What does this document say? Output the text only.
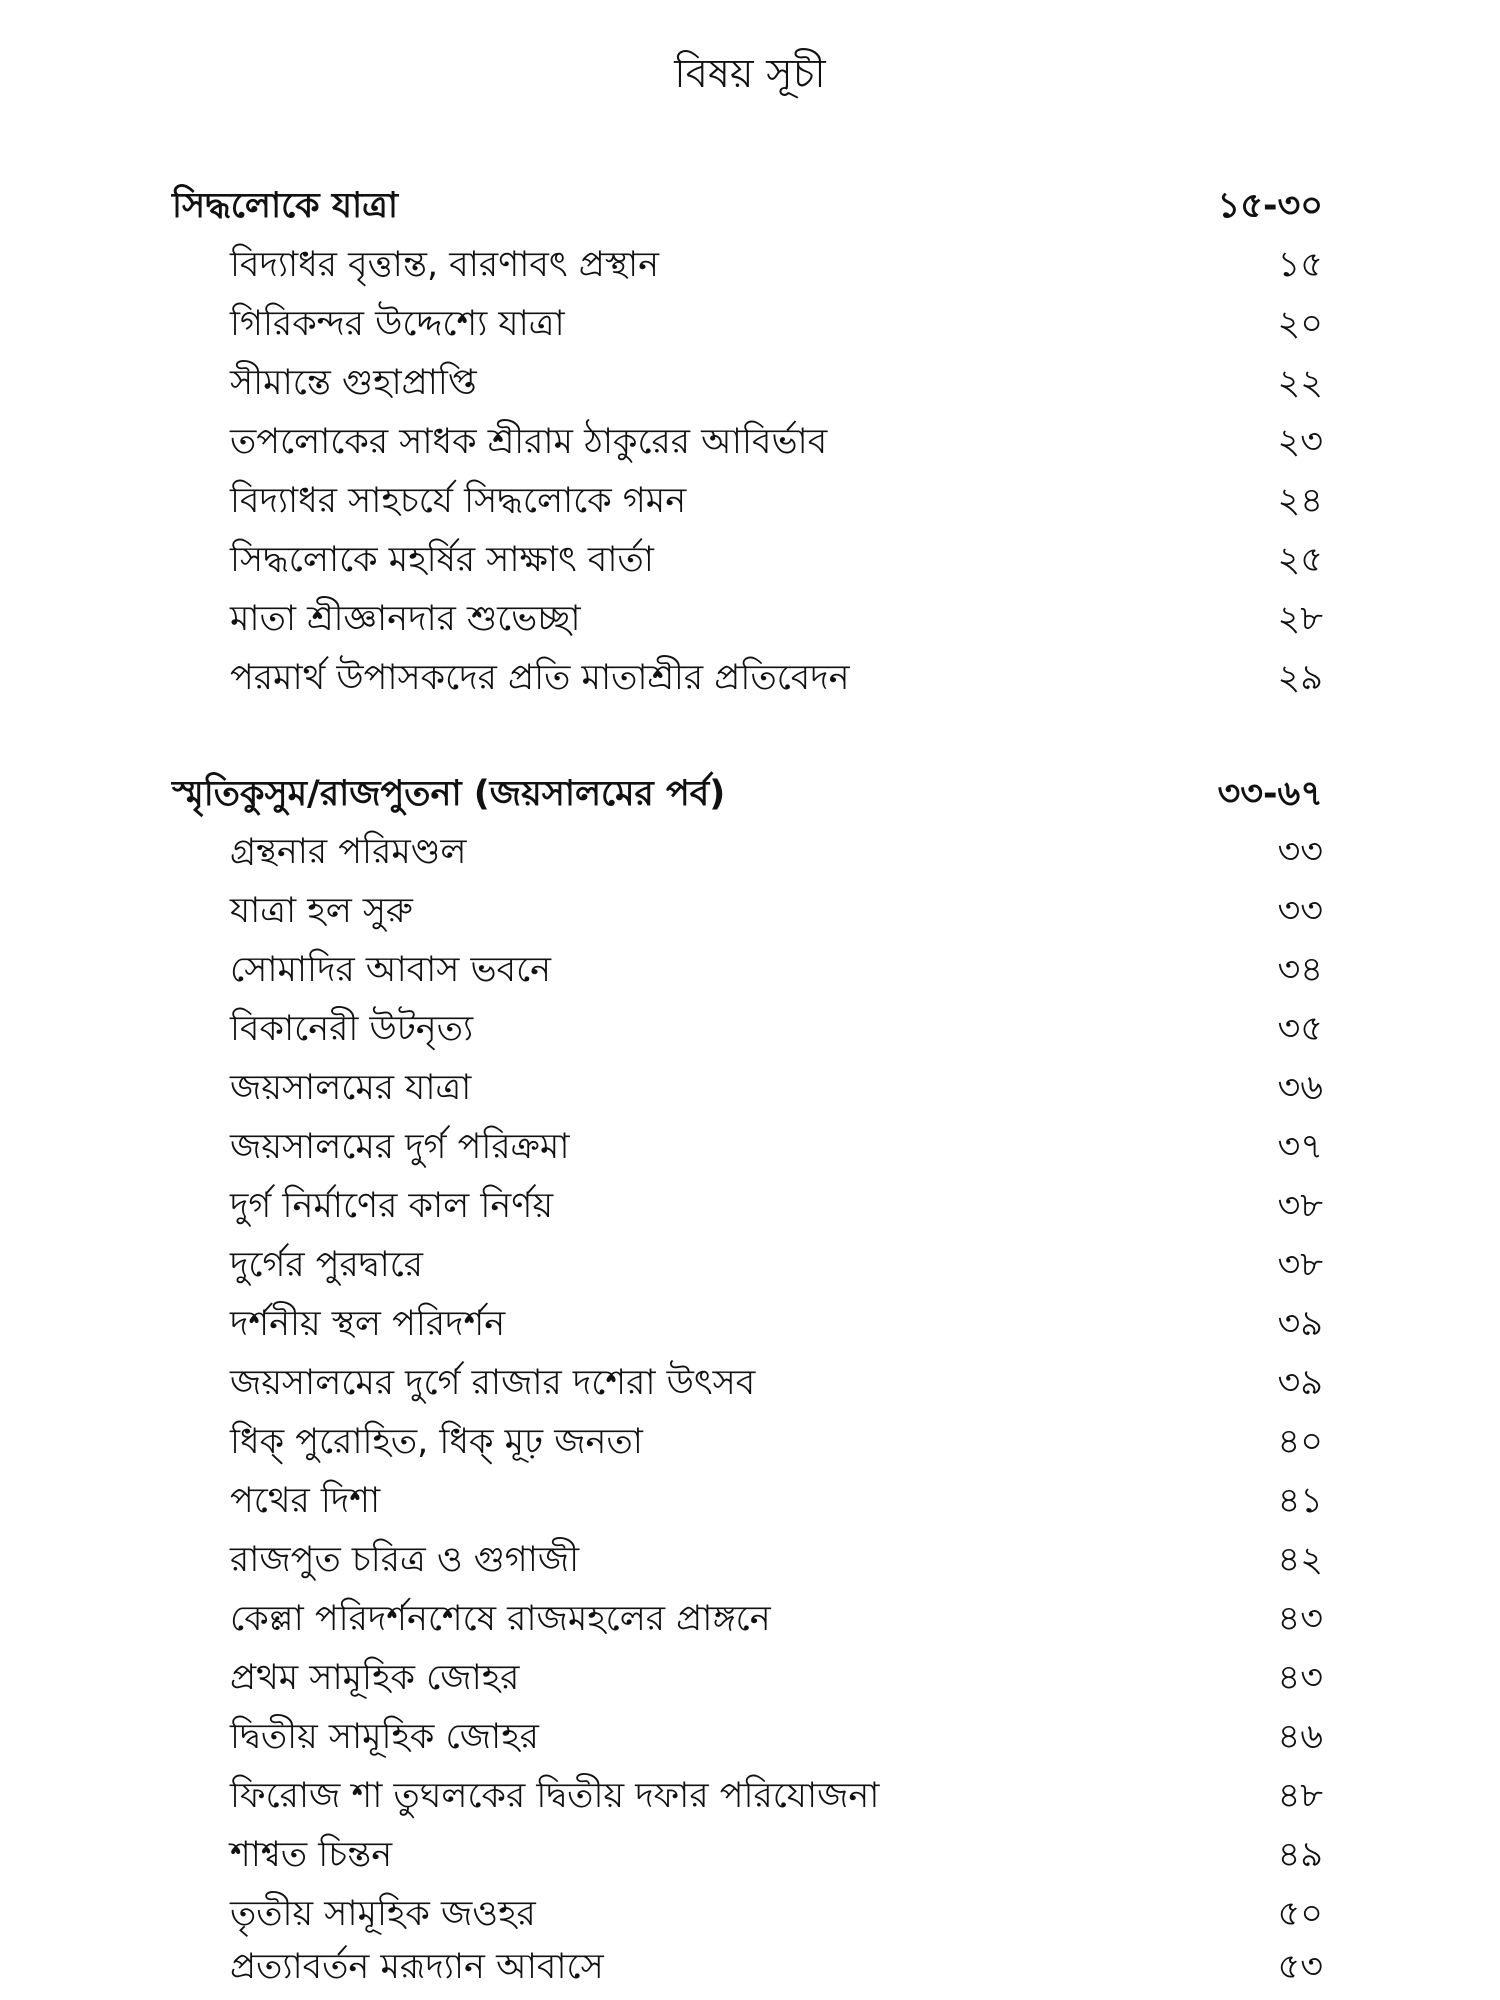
বিষয় সূচী
সিদ্ধলোকে যাত্রা	১৫-৩০
বিদ্যাধর বৃত্তান্ত, বারণাবৎ প্রস্থান	১৫
গিরিকন্দর উদ্দেশ্যে যাত্রা	২০
সীমান্তে গুহাপ্রাপ্তি	২২
তপলোকের সাধক শ্রীরাম ঠাকুরের আবির্ভাব	২৩
বিদ্যাধর সাহচর্যে সিদ্ধলোকে গমন	২৪
সিদ্ধলোকে মহর্ষির সাক্ষাৎ বার্তা	২৫
মাতা শ্রীজ্ঞানদার শুভেচ্ছা	২৮
পরমার্থ উপাসকদের প্রতি মাতাশ্রীর প্রতিবেদন	২৯
স্মৃতিকুসুম/রাজপুতনা (জয়সালমের পর্ব)	৩৩-৬৭
গ্রন্থনার পরিমণ্ডল	৩৩
যাত্রা হল সুরু	৩৩
সোমাদির আবাস ভবনে	৩৪
বিকানেরী উটনৃত্য	৩৫
জয়সালমের যাত্রা	৩৬
জয়সালমের দুর্গ পরিক্রমা	৩৭
দুর্গ নির্মাণের কাল নির্ণয়	৩৮
দুর্গের পুরদ্বারে	৩৮
দর্শনীয় স্থল পরিদর্শন	৩৯
জয়সালমের দুর্গে রাজার দশেরা উৎসব	৩৯
ধিক্ পুরোহিত, ধিক্ মূঢ় জনতা	৪০
পথের দিশা	৪১
রাজপুত চরিত্র ও গুগাজী	৪২
কেল্লা পরিদর্শনশেষে রাজমহলের প্রাঙ্গনে	৪৩
প্রথম সামূহিক জোহর	৪৩
দ্বিতীয় সামূহিক জোহর	৪৬
ফিরোজ শা তুঘলকের দ্বিতীয় দফার পরিযোজনা	৪৮
শাশ্বত চিন্তন	৪৯
তৃতীয় সামূহিক জওহর	৫০
প্রত্যাবর্তন মরূদ্যান আবাসে	৫৩
